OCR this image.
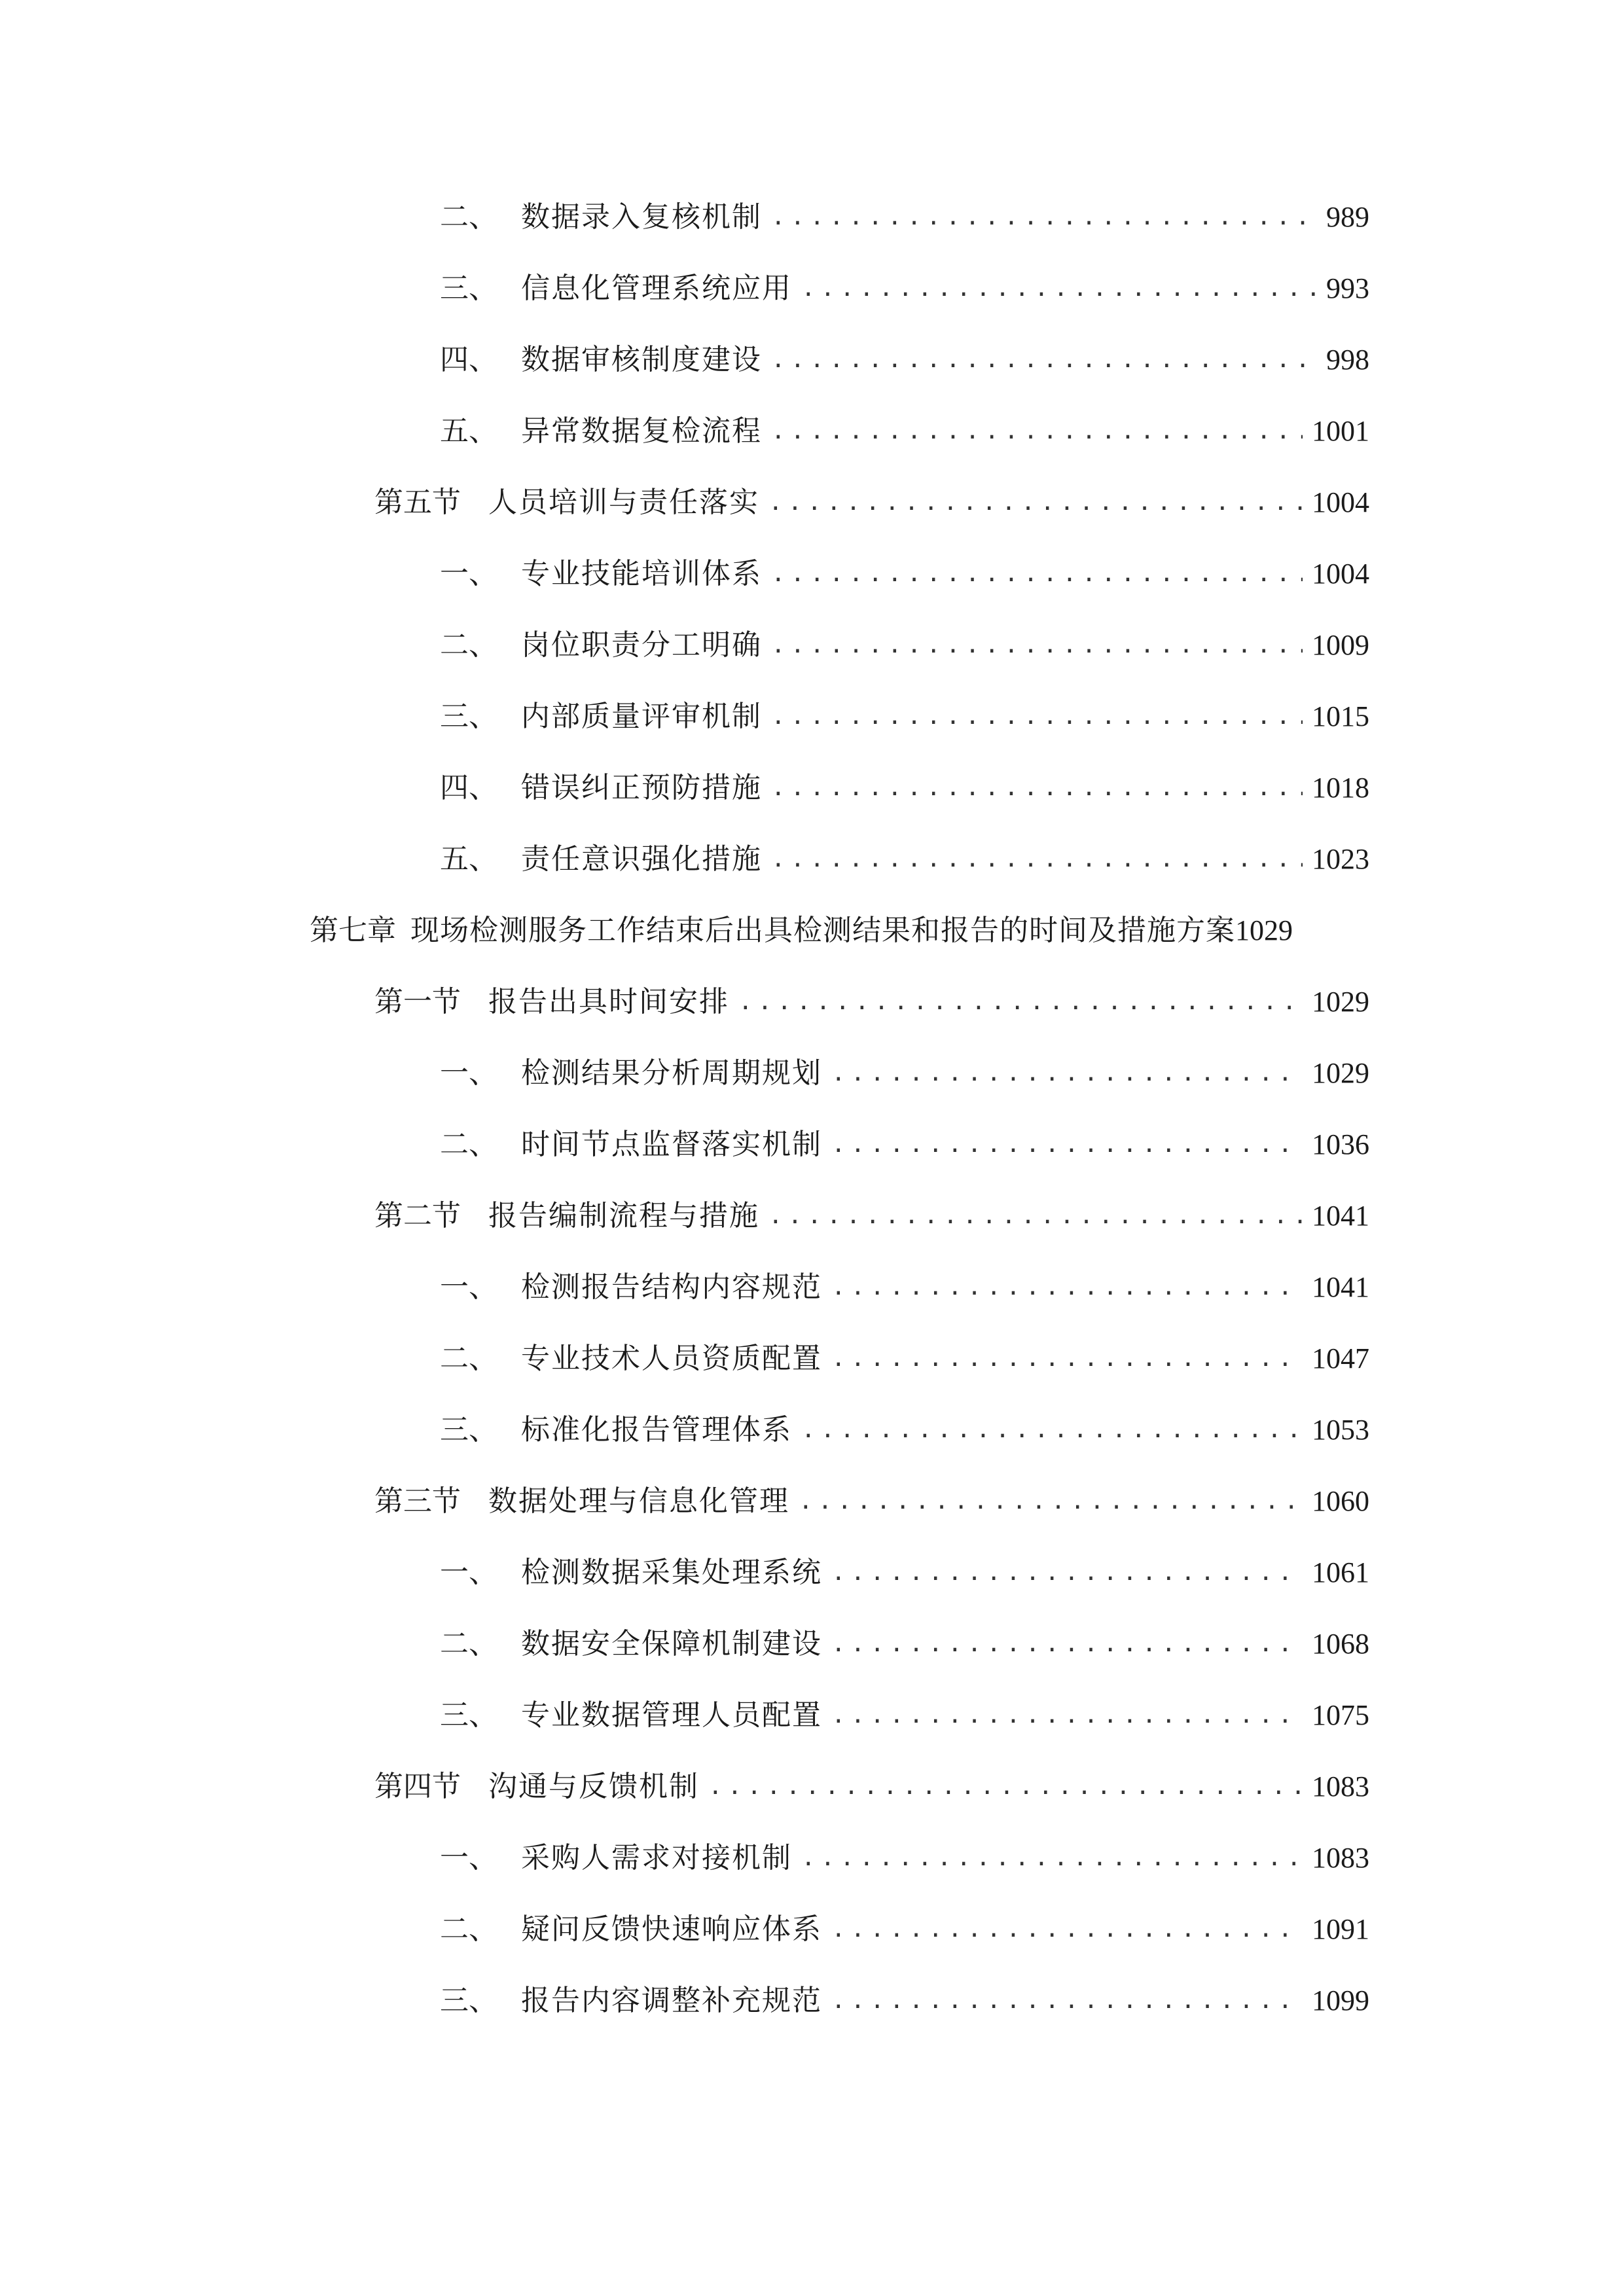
二、 数据录入复核机制 .....	989
三、 信息化管理系统应用 .....	993
四、 数据审核制度建设 .....	998
五、 异常数据复检流程 .....	1001
第五节 人员培训与责任落实 .....	1004
一、 专业技能培训体系 .....	1004
二、 岗位职责分工明确 .....	1009
三、 内部质量评审机制 .....	1015
四、 错误纠正预防措施 .....	1018
五、 责任意识强化措施 .....	1023
第七章 现场检测服务工作结束后出具检测结果和报告的时间及措施方案 1029
第一节 报告出具时间安排 .....	1029
一、 检测结果分析周期规划 .....	1029
二、 时间节点监督落实机制 .....	1036
第二节 报告编制流程与措施 .....	1041
一、 检测报告结构内容规范 .....	1041
二、 专业技术人员资质配置 .....	1047
三、 标准化报告管理体系 .....	1053
第三节 数据处理与信息化管理 .....	1060
一、 检测数据采集处理系统 .....	1061
二、 数据安全保障机制建设 .....	1068
三、 专业数据管理人员配置 .....	1075
第四节 沟通与反馈机制 .....	1083
一、 采购人需求对接机制 .....	1083
二、 疑问反馈快速响应体系 .....	1091
三、 报告内容调整补充规范 .....	1099
